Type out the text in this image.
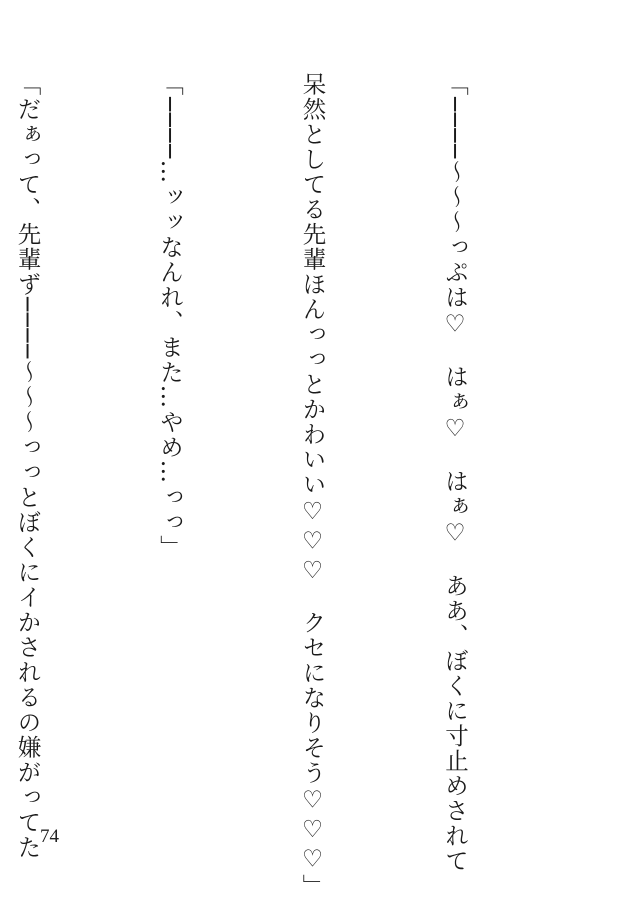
「────〜〜〜っぷは♡　はぁ♡　はぁ♡　ああ、ぼくに寸止めされて

呆然としてる先輩ほんっっとかわいい♡♡♡　クセになりそう♡♡♡」

「────…ッッなんれ、また…やめ…っっ」

「だぁって、先輩ず────〜〜〜っっとぼくにイかされるの嫌がってた

74
